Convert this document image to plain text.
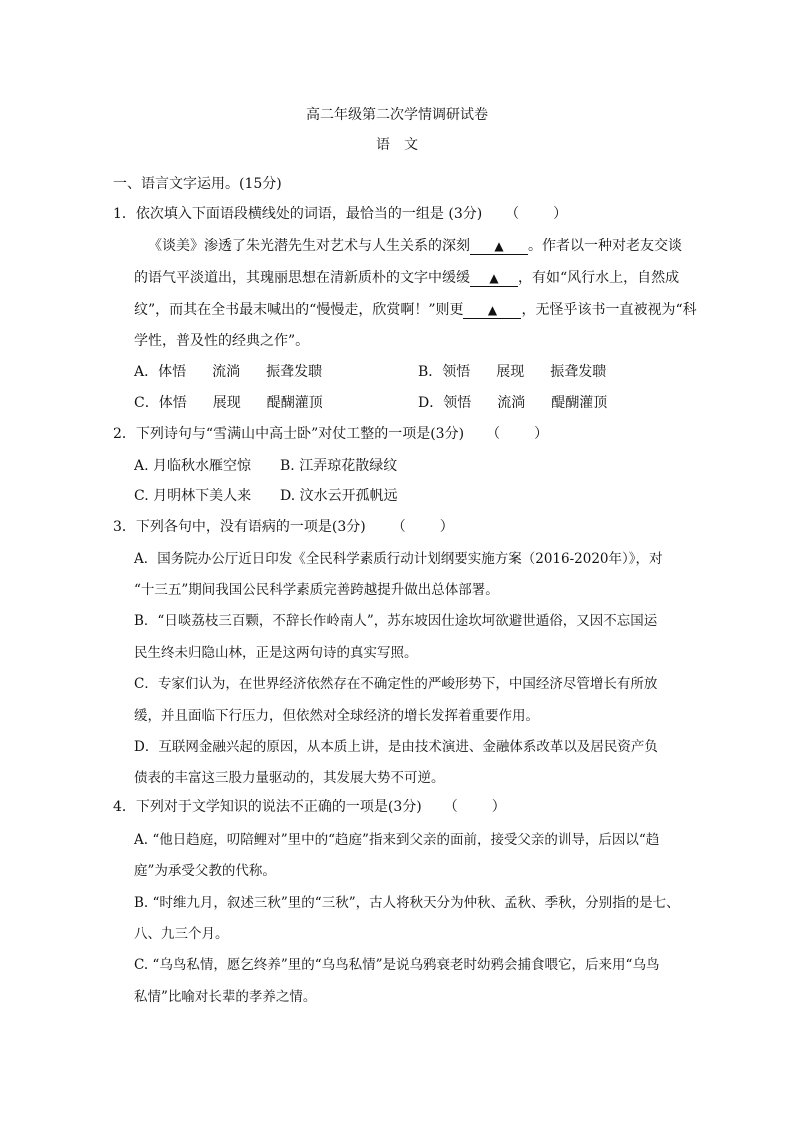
高二年级第二次学情调研试卷
语　文
一、语言文字运用。(15分)
1．依次填入下面语段横线处的词语，最恰当的一组是 (3分) （ ）
《谈美》渗透了朱光潜先生对艺术与人生关系的深刻 ▲ 。作者以一种对老友交谈
的语气平淡道出，其瑰丽思想在清新质朴的文字中缓缓 ▲ ，有如“风行水上，自然成
纹”，而其在全书最末喊出的“慢慢走，欣赏啊！”则更 ▲ ，无怪乎该书一直被视为“科
学性，普及性的经典之作”。
A．体悟 流淌 振聋发聩	B．领悟 展现 振聋发聩
C．体悟 展现 醍醐灌顶	D．领悟 流淌 醍醐灌顶
2．下列诗句与“雪满山中高士卧”对仗工整的一项是(3分) （ ）
A. 月临秋水雁空惊 B. 江弄琼花散绿纹
C. 月明林下美人来 D. 汶水云开孤帆远
3．下列各句中，没有语病的一项是(3分) （ ）
A．国务院办公厅近日印发《全民科学素质行动计划纲要实施方案（2016-2020年）》，对
“十三五”期间我国公民科学素质完善跨越提升做出总体部署。
B．“日啖荔枝三百颗，不辞长作岭南人”，苏东坡因仕途坎坷欲避世遁俗，又因不忘国运
民生终未归隐山林，正是这两句诗的真实写照。
C．专家们认为，在世界经济依然存在不确定性的严峻形势下，中国经济尽管增长有所放
缓，并且面临下行压力，但依然对全球经济的增长发挥着重要作用。
D．互联网金融兴起的原因，从本质上讲，是由技术演进、金融体系改革以及居民资产负
债表的丰富这三股力量驱动的，其发展大势不可逆。
4．下列对于文学知识的说法不正确的一项是(3分) （ ）
A. “他日趋庭，叨陪鲤对”里中的“趋庭”指来到父亲的面前，接受父亲的训导，后因以“趋
庭”为承受父教的代称。
B. “时维九月，叙述三秋”里的“三秋”，古人将秋天分为仲秋、孟秋、季秋，分别指的是七、
八、九三个月。
C. “乌鸟私情，愿乞终养”里的“乌鸟私情”是说乌鸦衰老时幼鸦会捕食喂它，后来用“乌鸟
私情”比喻对长辈的孝养之情。
